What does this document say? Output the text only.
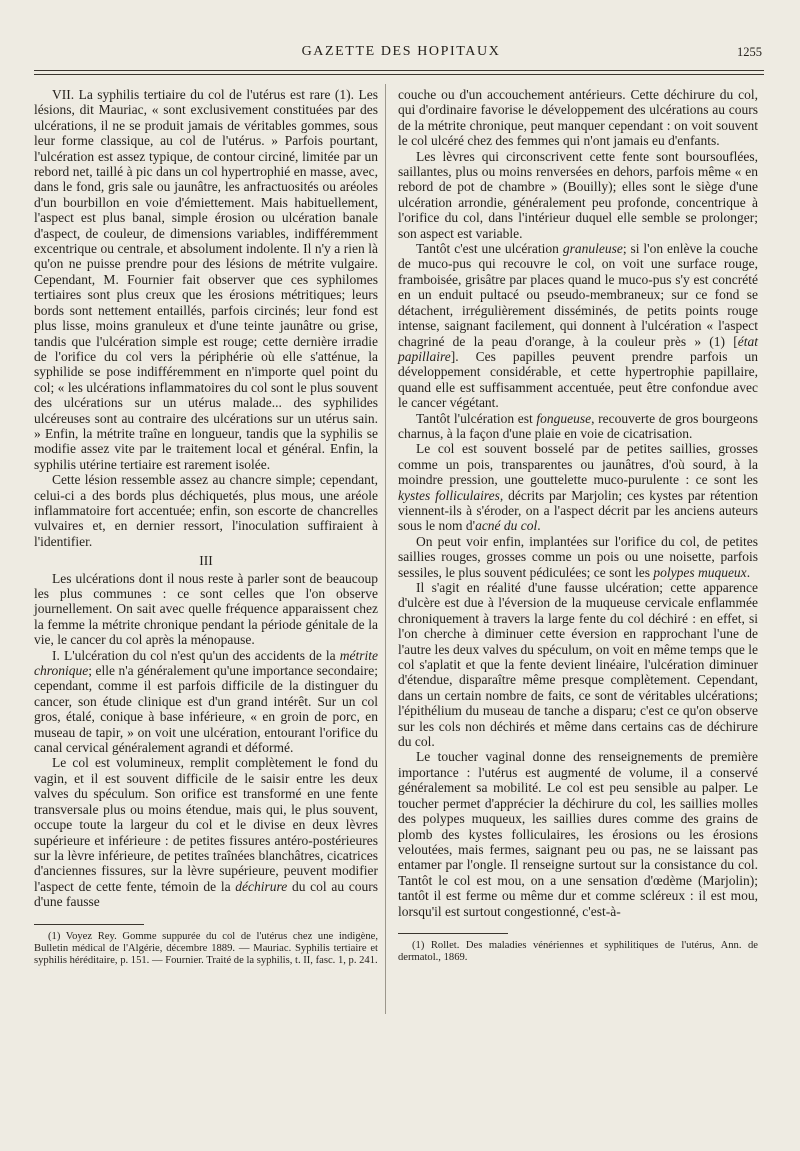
GAZETTE DES HOPITAUX	1255

VII. La syphilis tertiaire du col de l'utérus est rare (1). Les lésions, dit Mauriac, « sont exclusivement constituées par des ulcérations, il ne se produit jamais de véritables gommes, sous leur forme classique, au col de l'utérus. » Parfois pourtant, l'ulcération est assez typique, de contour circiné, limitée par un rebord net, taillé à pic dans un col hypertrophié en masse, avec, dans le fond, gris sale ou jaunâtre, les anfractuosités ou aréoles d'un bourbillon en voie d'émiettement. Mais habituellement, l'aspect est plus banal, simple érosion ou ulcération banale d'aspect, de couleur, de dimensions variables, indifféremment excentrique ou centrale, et absolument indolente. Il n'y a rien là qu'on ne puisse prendre pour des lésions de métrite vulgaire. Cependant, M. Fournier fait observer que ces syphilomes tertiaires sont plus creux que les érosions métritiques; leurs bords sont nettement entaillés, parfois circinés; leur fond est plus lisse, moins granuleux et d'une teinte jaunâtre ou grise, tandis que l'ulcération simple est rouge; cette dernière irradie de l'orifice du col vers la périphérie où elle s'atténue, la syphilide se pose indifféremment en n'importe quel point du col; « les ulcérations inflammatoires du col sont le plus souvent des ulcérations sur un utérus malade... des syphilides ulcéreuses sont au contraire des ulcérations sur un utérus sain. » Enfin, la métrite traîne en longueur, tandis que la syphilis se modifie assez vite par le traitement local et général. Enfin, la syphilis utérine tertiaire est rarement isolée.

Cette lésion ressemble assez au chancre simple; cependant, celui-ci a des bords plus déchiquetés, plus mous, une aréole inflammatoire fort accentuée; enfin, son escorte de chancrelles vulvaires et, en dernier ressort, l'inoculation suffiraient à l'identifier.

III

Les ulcérations dont il nous reste à parler sont de beaucoup les plus communes : ce sont celles que l'on observe journellement. On sait avec quelle fréquence apparaissent chez la femme la métrite chronique pendant la période génitale de la vie, le cancer du col après la ménopause.

I. L'ulcération du col n'est qu'un des accidents de la métrite chronique; elle n'a généralement qu'une importance secondaire; cependant, comme il est parfois difficile de la distinguer du cancer, son étude clinique est d'un grand intérêt. Sur un col gros, étalé, conique à base inférieure, « en groin de porc, en museau de tapir, » on voit une ulcération, entourant l'orifice du canal cervical généralement agrandi et déformé.

Le col est volumineux, remplit complètement le fond du vagin, et il est souvent difficile de le saisir entre les deux valves du spéculum. Son orifice est transformé en une fente transversale plus ou moins étendue, mais qui, le plus souvent, occupe toute la largeur du col et le divise en deux lèvres supérieure et inférieure : de petites fissures antéro-postérieures sur la lèvre inférieure, de petites traînées blanchâtres, cicatrices d'anciennes fissures, sur la lèvre supérieure, peuvent modifier l'aspect de cette fente, témoin de la déchirure du col au cours d'une fausse

(1) Voyez Rey. Gomme suppurée du col de l'utérus chez une indigène, Bulletin médical de l'Algérie, décembre 1889. — Mauriac. Syphilis tertiaire et syphilis héréditaire, p. 151. — Fournier. Traité de la syphilis, t. II, fasc. 1, p. 241.

couche ou d'un accouchement antérieurs. Cette déchirure du col, qui d'ordinaire favorise le développement des ulcérations au cours de la métrite chronique, peut manquer cependant : on voit souvent le col ulcéré chez des femmes qui n'ont jamais eu d'enfants.

Les lèvres qui circonscrivent cette fente sont boursouflées, saillantes, plus ou moins renversées en dehors, parfois même « en rebord de pot de chambre » (Bouilly); elles sont le siège d'une ulcération arrondie, généralement peu profonde, concentrique à l'orifice du col, dans l'intérieur duquel elle semble se prolonger; son aspect est variable.

Tantôt c'est une ulcération granuleuse; si l'on enlève la couche de muco-pus qui recouvre le col, on voit une surface rouge, framboisée, grisâtre par places quand le muco-pus s'y est concrété en un enduit pultacé ou pseudo-membraneux; sur ce fond se détachent, irrégulièrement disséminés, de petits points rouge intense, saignant facilement, qui donnent à l'ulcération « l'aspect chagriné de la peau d'orange, à la couleur près » (1) [état papillaire]. Ces papilles peuvent prendre parfois un développement considérable, et cette hypertrophie papillaire, quand elle est suffisamment accentuée, peut être confondue avec le cancer végétant.

Tantôt l'ulcération est fongueuse, recouverte de gros bourgeons charnus, à la façon d'une plaie en voie de cicatrisation.

Le col est souvent bosselé par de petites saillies, grosses comme un pois, transparentes ou jaunâtres, d'où sourd, à la moindre pression, une gouttelette muco-purulente : ce sont les kystes folliculaires, décrits par Marjolin; ces kystes par rétention viennent-ils à s'éroder, on a l'aspect décrit par les anciens auteurs sous le nom d'acné du col.

On peut voir enfin, implantées sur l'orifice du col, de petites saillies rouges, grosses comme un pois ou une noisette, parfois sessiles, le plus souvent pédiculées; ce sont les polypes muqueux.

Il s'agit en réalité d'une fausse ulcération; cette apparence d'ulcère est due à l'éversion de la muqueuse cervicale enflammée chroniquement à travers la large fente du col déchiré : en effet, si l'on cherche à diminuer cette éversion en rapprochant l'une de l'autre les deux valves du spéculum, on voit en même temps que le col s'aplatit et que la fente devient linéaire, l'ulcération diminuer d'étendue, disparaître même presque complètement. Cependant, dans un certain nombre de faits, ce sont de véritables ulcérations; l'épithélium du museau de tanche a disparu; c'est ce qu'on observe sur les cols non déchirés et même dans certains cas de déchirure du col.

Le toucher vaginal donne des renseignements de première importance : l'utérus est augmenté de volume, il a conservé généralement sa mobilité. Le col est peu sensible au palper. Le toucher permet d'apprécier la déchirure du col, les saillies molles des polypes muqueux, les saillies dures comme des grains de plomb des kystes folliculaires, les érosions ou les érosions veloutées, mais fermes, saignant peu ou pas, ne se laissant pas entamer par l'ongle. Il renseigne surtout sur la consistance du col. Tantôt le col est mou, on a une sensation d'œdème (Marjolin); tantôt il est ferme ou même dur et comme scléreux : il est mou, lorsqu'il est surtout congestionné, c'est-à-

(1) Rollet. Des maladies vénériennes et syphilitiques de l'utérus, Ann. de dermatol., 1869.
